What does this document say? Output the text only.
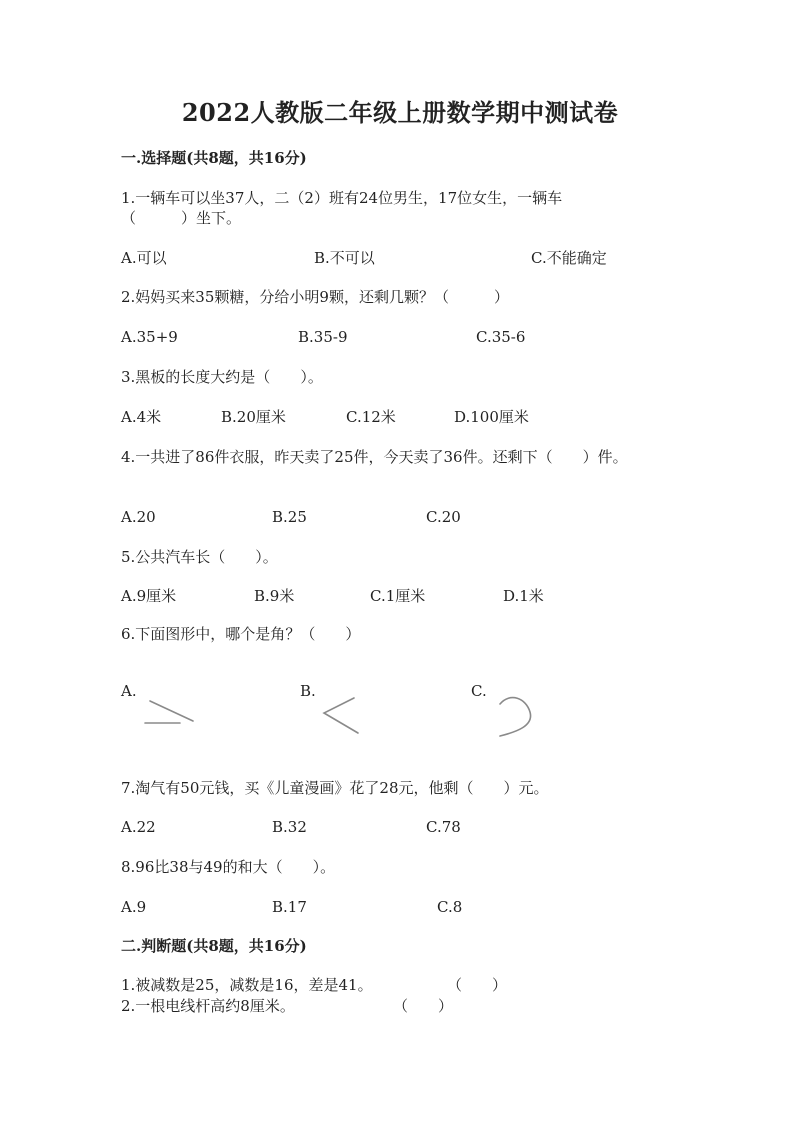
2022人教版二年级上册数学期中测试卷
一.选择题(共8题，共16分)
1.一辆车可以坐37人，二（2）班有24位男生，17位女生，一辆车
（　　　）坐下。
A.可以	B.不可以	C.不能确定
2.妈妈买来35颗糖，分给小明9颗，还剩几颗？（　　　）
A.35+9	B.35-9	C.35-6
3.黑板的长度大约是（　　）。
A.4米	B.20厘米	C.12米	D.100厘米
4.一共进了86件衣服，昨天卖了25件，今天卖了36件。还剩下（　　）件。
A.20	B.25	C.20
5.公共汽车长（　　）。
A.9厘米	B.9米	C.1厘米	D.1米
6.下面图形中，哪个是角？（　　）
A.	B.	C.
7.淘气有50元钱，买《儿童漫画》花了28元，他剩（　　）元。
A.22	B.32	C.78
8.96比38与49的和大（　　）。
A.9	B.17	C.8
二.判断题(共8题，共16分)
1.被减数是25，减数是16，差是41。	（　　）
2.一根电线杆高约8厘米。	（　　）
